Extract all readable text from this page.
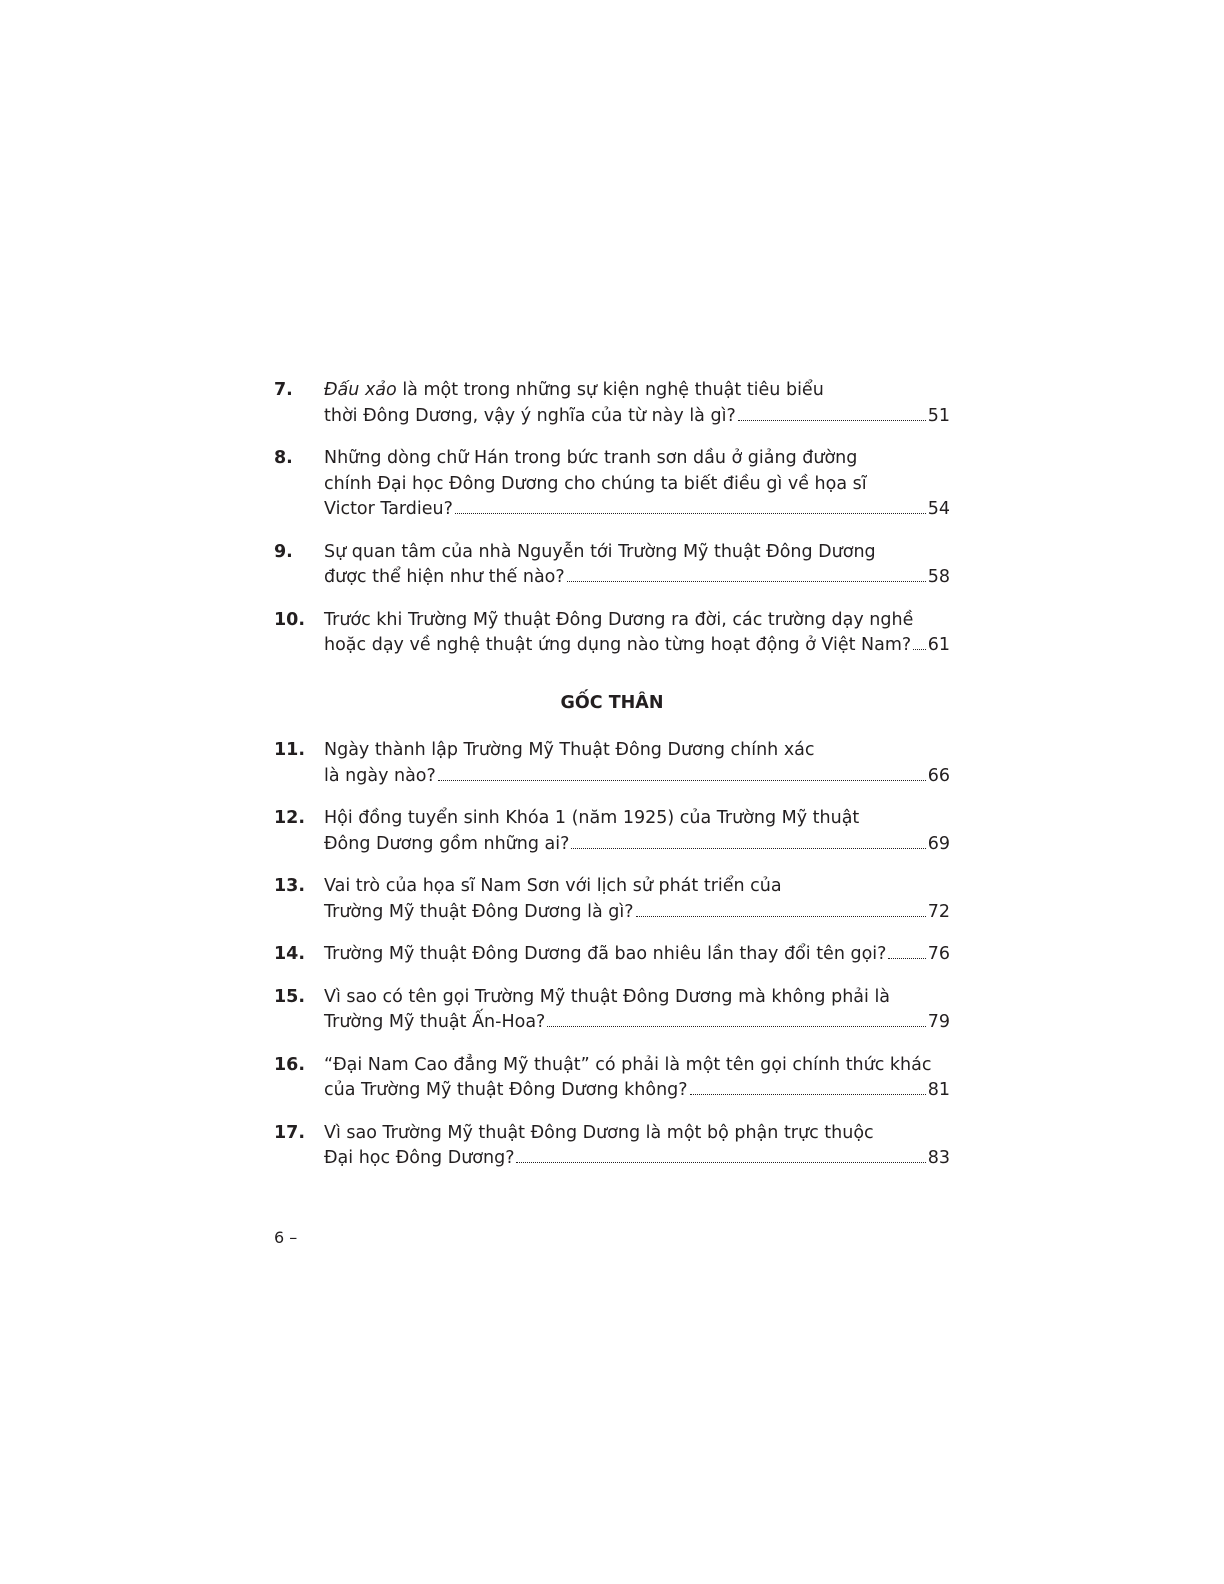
7.	Đấu xảo là một trong những sự kiện nghệ thuật tiêu biểu
thời Đông Dương, vậy ý nghĩa của từ này là gì?	51
8.	Những dòng chữ Hán trong bức tranh sơn dầu ở giảng đường
chính Đại học Đông Dương cho chúng ta biết điều gì về họa sĩ
Victor Tardieu?	54
9.	Sự quan tâm của nhà Nguyễn tới Trường Mỹ thuật Đông Dương
được thể hiện như thế nào?	58
10.	Trước khi Trường Mỹ thuật Đông Dương ra đời, các trường dạy nghề
hoặc dạy về nghệ thuật ứng dụng nào từng hoạt động ở Việt Nam? 61
GỐC THÂN
11.	Ngày thành lập Trường Mỹ Thuật Đông Dương chính xác
là ngày nào?	66
12.	Hội đồng tuyển sinh Khóa 1 (năm 1925) của Trường Mỹ thuật
Đông Dương gồm những ai?	69
13.	Vai trò của họa sĩ Nam Sơn với lịch sử phát triển của
Trường Mỹ thuật Đông Dương là gì?	72
14.	Trường Mỹ thuật Đông Dương đã bao nhiêu lần thay đổi tên gọi? 76
15.	Vì sao có tên gọi Trường Mỹ thuật Đông Dương mà không phải là
Trường Mỹ thuật Ấn-Hoa?	79
16.	“Đại Nam Cao đẳng Mỹ thuật” có phải là một tên gọi chính thức khác
của Trường Mỹ thuật Đông Dương không?	81
17.	Vì sao Trường Mỹ thuật Đông Dương là một bộ phận trực thuộc
Đại học Đông Dương?	83
6 –
